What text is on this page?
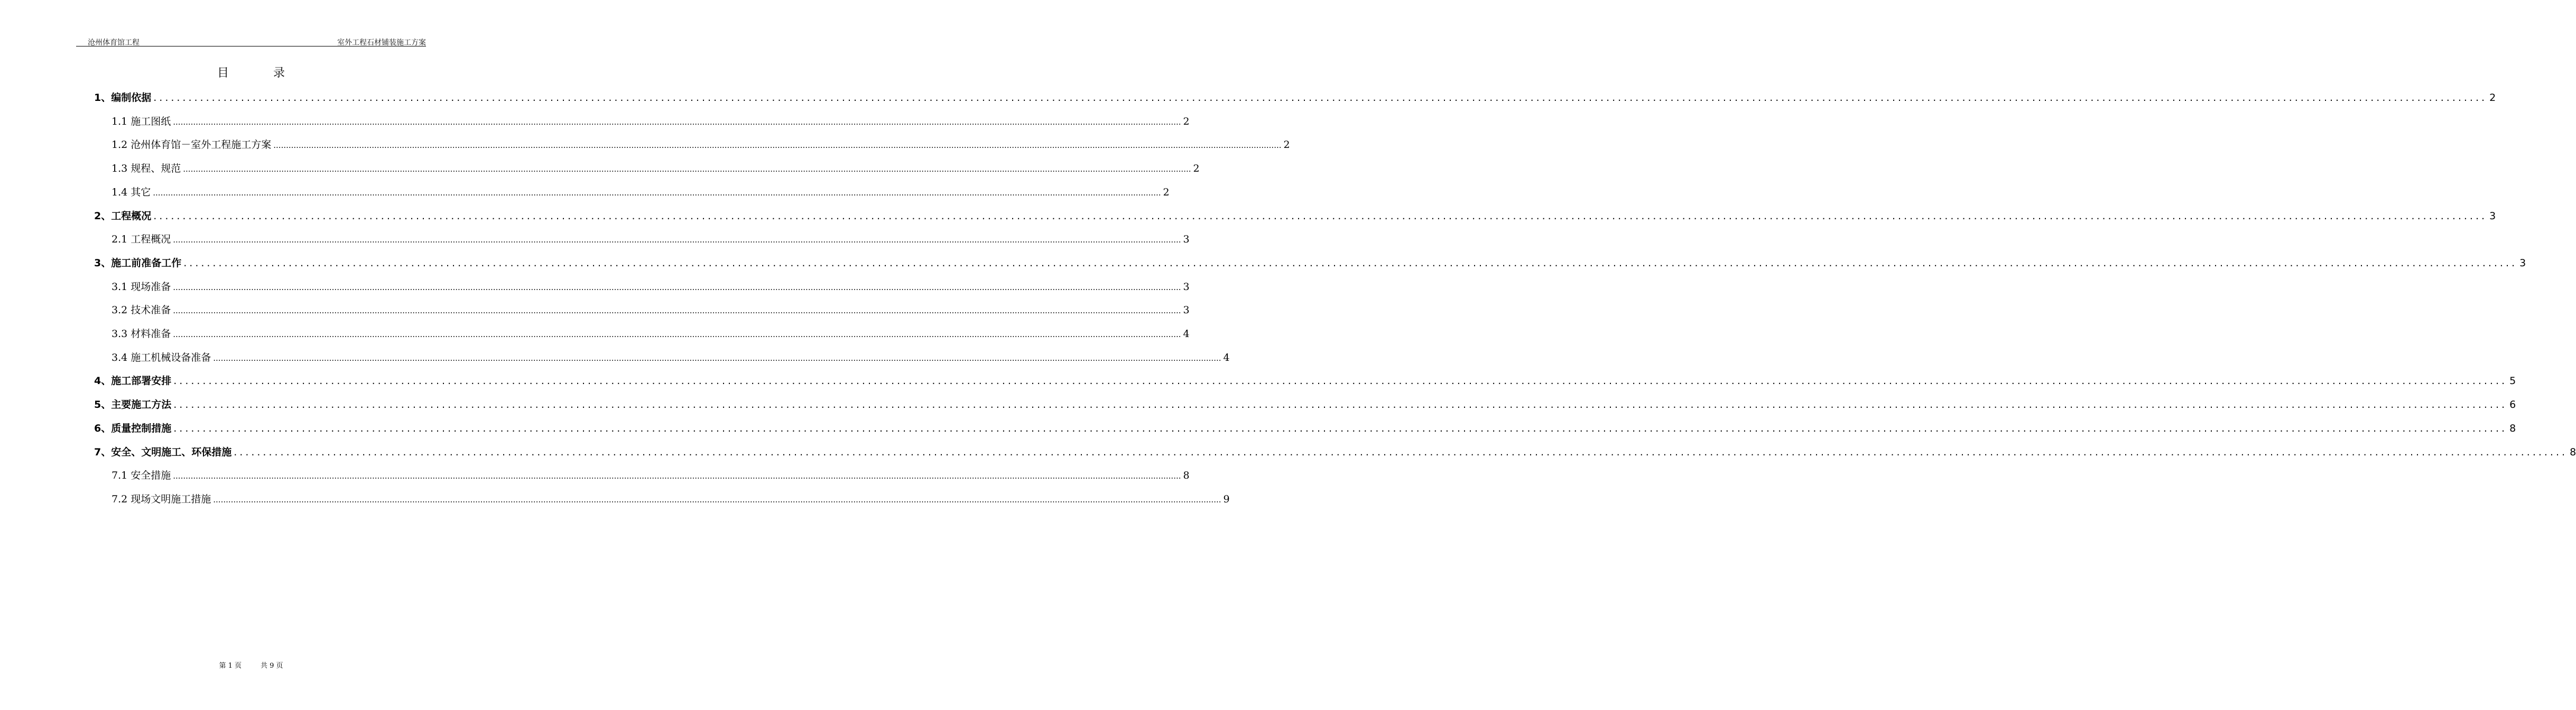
沧州体育馆工程	室外工程石材铺装施工方案
目	录
1、编制依据 ................................................................................................................................................................................................................................................................................................................................................................................................................ 2
1.1 施工图纸 ................................................................................................................................................................................................................................................................................................................................................................................................................ 2
1.2 沧州体育馆－室外工程施工方案 ................................................................................................................................................................................................................................................................................................................................................................................................................ 2
1.3 规程、规范 ................................................................................................................................................................................................................................................................................................................................................................................................................ 2
1.4 其它 ................................................................................................................................................................................................................................................................................................................................................................................................................ 2
2、工程概况 ................................................................................................................................................................................................................................................................................................................................................................................................................ 3
2.1 工程概况 ................................................................................................................................................................................................................................................................................................................................................................................................................ 3
3、施工前准备工作 ................................................................................................................................................................................................................................................................................................................................................................................................................ 3
3.1 现场准备 ................................................................................................................................................................................................................................................................................................................................................................................................................ 3
3.2 技术准备 ................................................................................................................................................................................................................................................................................................................................................................................................................ 3
3.3 材料准备 ................................................................................................................................................................................................................................................................................................................................................................................................................ 4
3.4 施工机械设备准备 ................................................................................................................................................................................................................................................................................................................................................................................................................ 4
4、施工部署安排 ................................................................................................................................................................................................................................................................................................................................................................................................................ 5
5、主要施工方法 ................................................................................................................................................................................................................................................................................................................................................................................................................ 6
6、质量控制措施 ................................................................................................................................................................................................................................................................................................................................................................................................................ 8
7、安全、文明施工、环保措施 ................................................................................................................................................................................................................................................................................................................................................................................................................ 8
7.1 安全措施 ................................................................................................................................................................................................................................................................................................................................................................................................................ 8
7.2 现场文明施工措施 ................................................................................................................................................................................................................................................................................................................................................................................................................ 9
第 1 页	共 9 页
